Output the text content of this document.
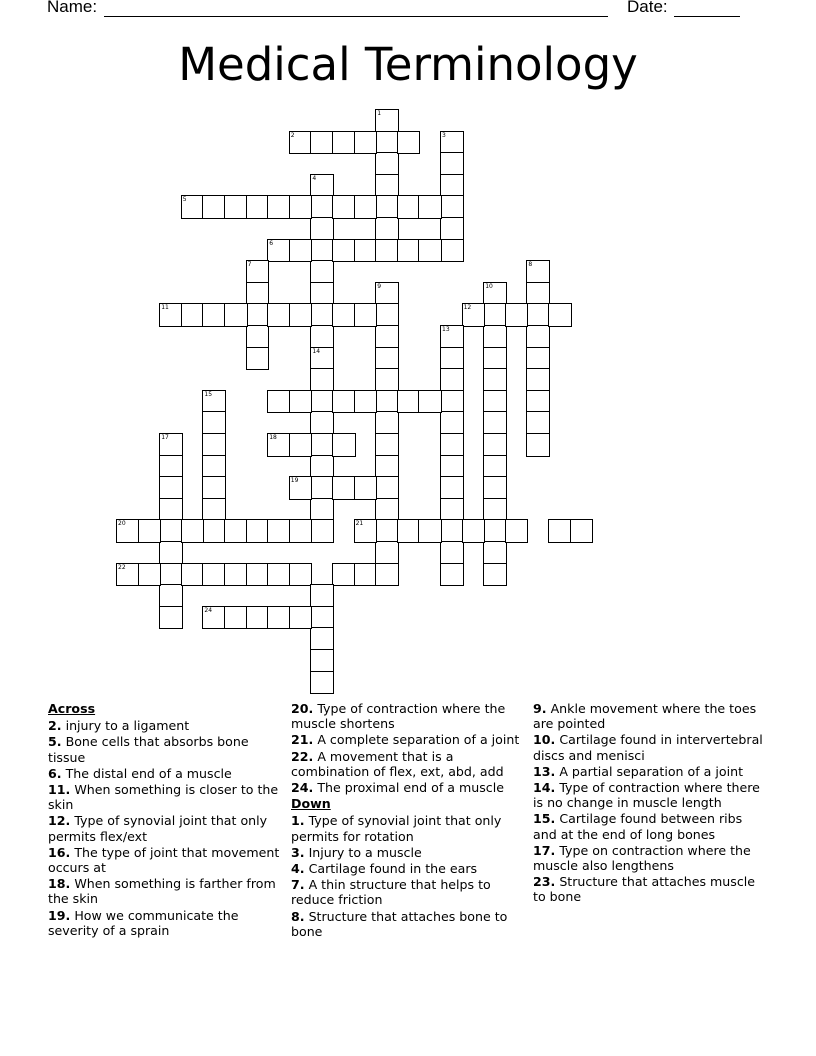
Name:	Date:
Medical Terminology
1
2	3
4
14
5
6
7	8
9	10
11	12
13
15
17	18
19
20	21
22
24
Across
2. injury to a ligament
5. Bone cells that absorbs bone tissue
6. The distal end of a muscle
11. When something is closer to the skin
12. Type of synovial joint that only permits flex/ext
16. The type of joint that movement occurs at
18. When something is farther from the skin
19. How we communicate the severity of a sprain
20. Type of contraction where the muscle shortens
21. A complete separation of a joint
22. A movement that is a combination of flex, ext, abd, add
24. The proximal end of a muscle
Down
1. Type of synovial joint that only permits for rotation
3. Injury to a muscle
4. Cartilage found in the ears
7. A thin structure that helps to reduce friction
8. Structure that attaches bone to bone
9. Ankle movement where the toes are pointed
10. Cartilage found in intervertebral discs and menisci
13. A partial separation of a joint
14. Type of contraction where there is no change in muscle length
15. Cartilage found between ribs and at the end of long bones
17. Type on contraction where the muscle also lengthens
23. Structure that attaches muscle to bone
